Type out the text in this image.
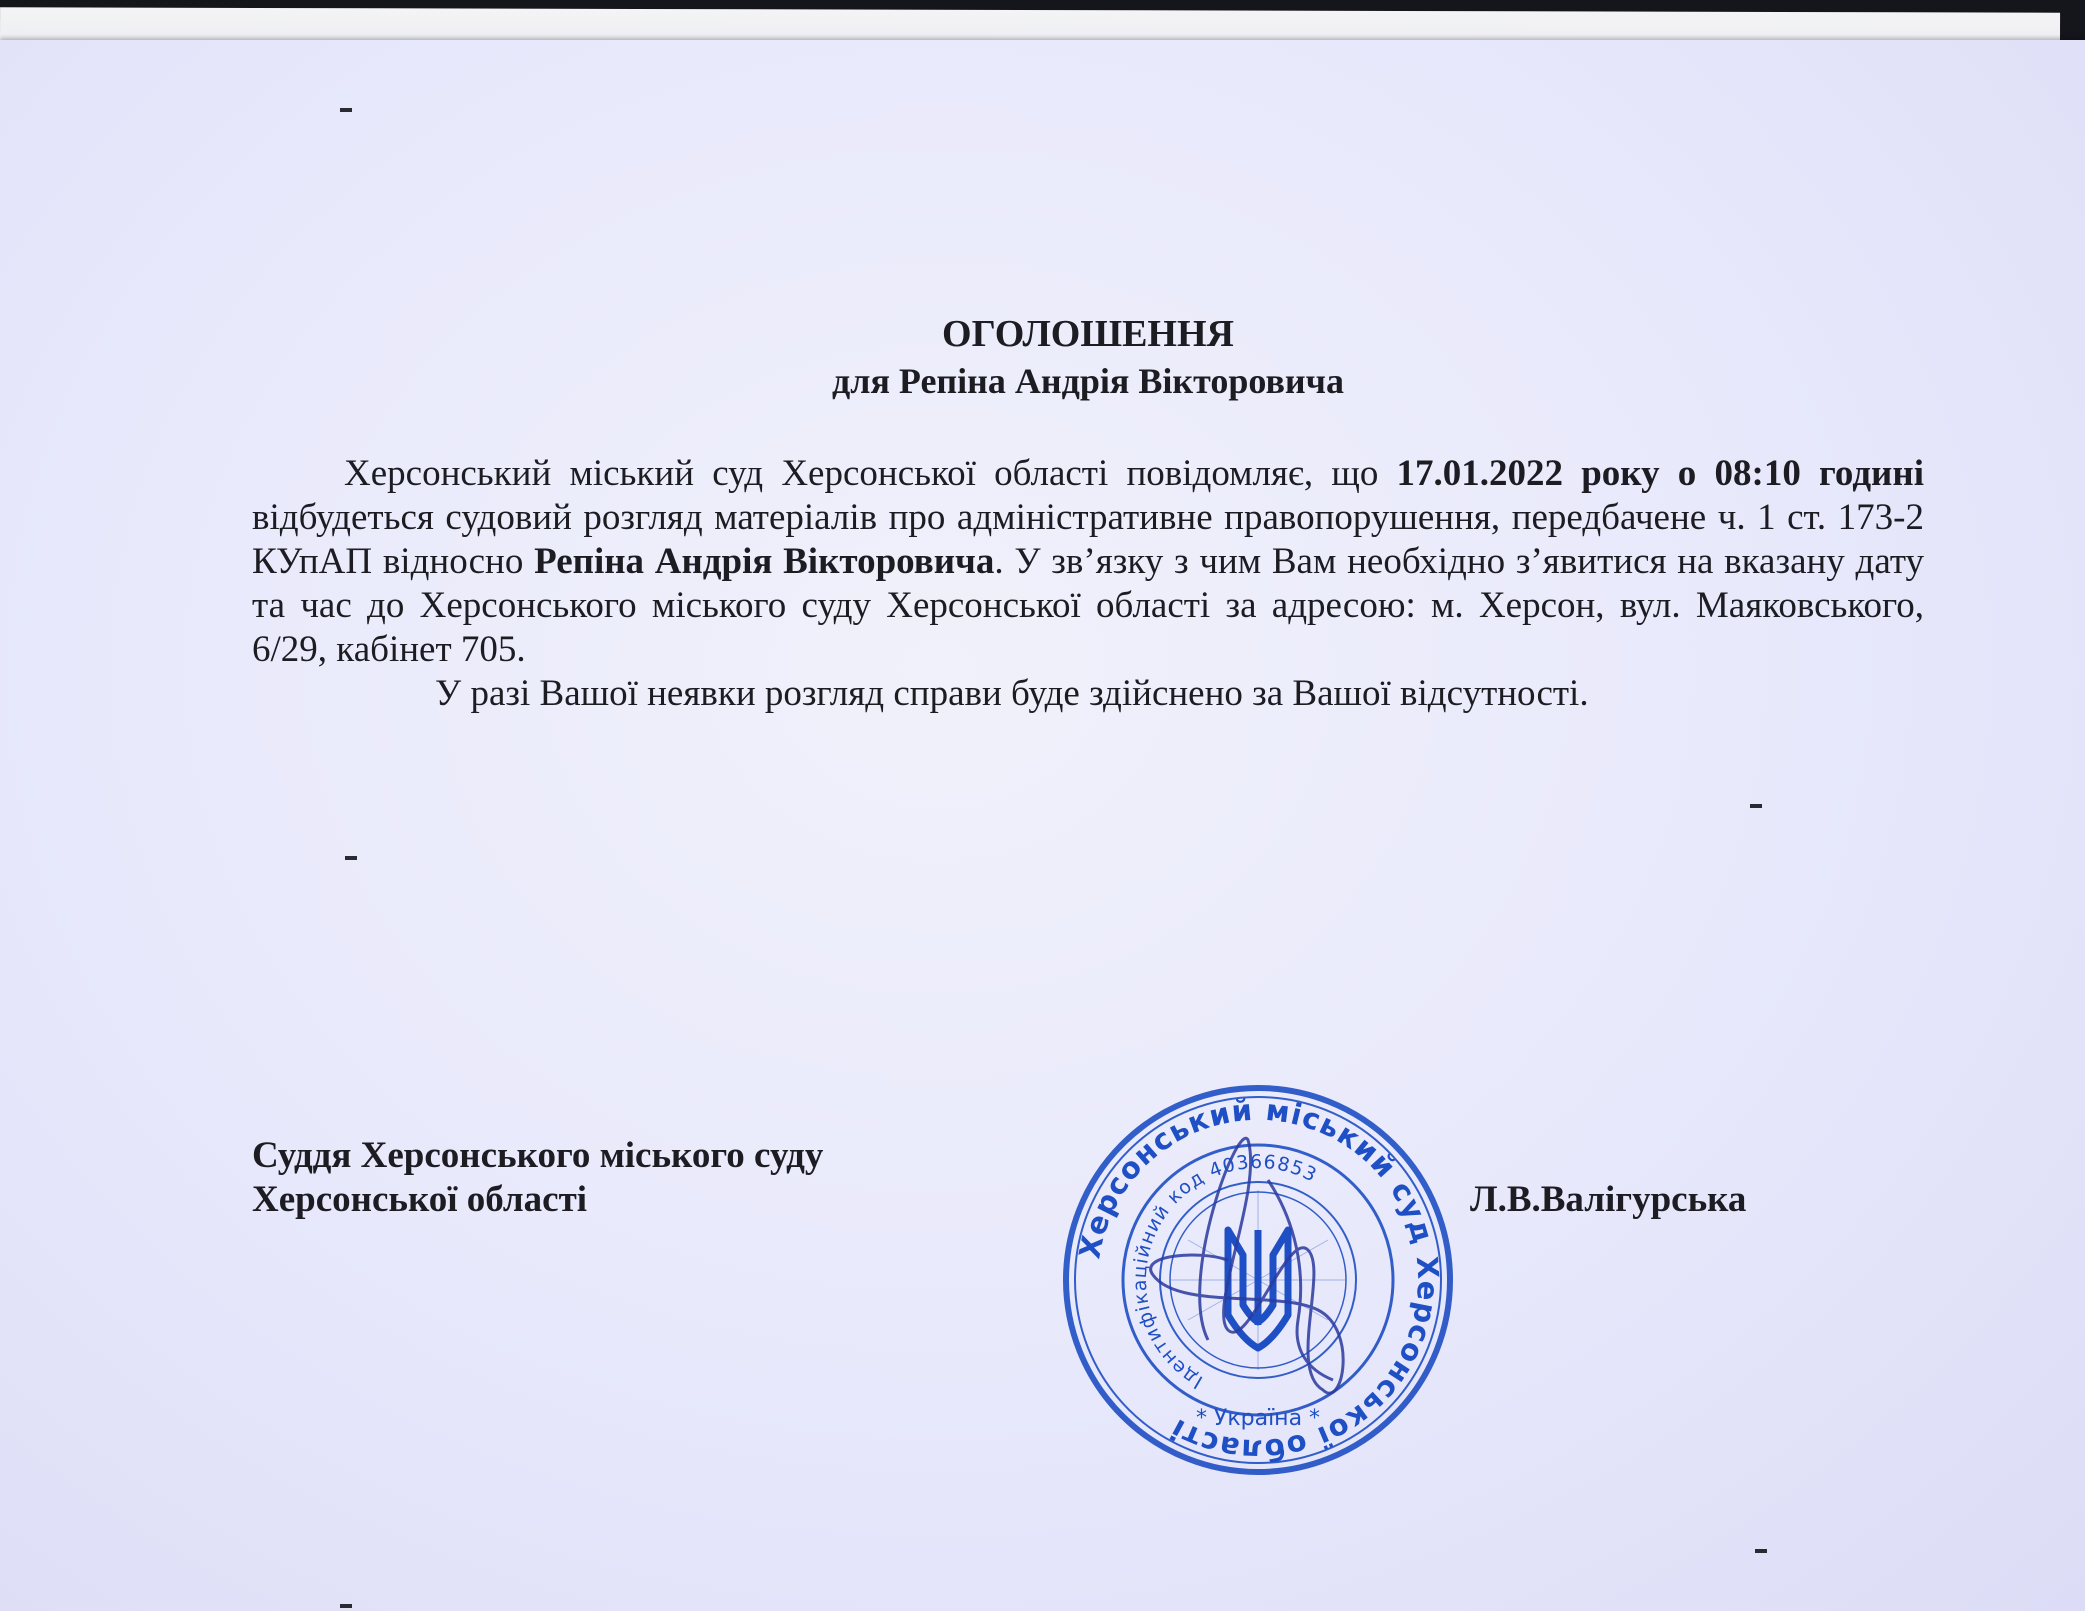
ОГОЛОШЕННЯ
для Репіна Андрія Вікторовича

Херсонський міський суд Херсонської області повідомляє, що 17.01.2022 року о 08:10 годині відбудеться судовий розгляд матеріалів про адміністративне правопорушення, передбачене ч. 1 ст. 173-2 КУпАП відносно Репіна Андрія Вікторовича. У зв’язку з чим Вам необхідно з’явитися на вказану дату та час до Херсонського міського суду Херсонської області за адресою: м. Херсон, вул. Маяковського, 6/29, кабінет 705.

У разі Вашої неявки розгляд справи буде здійснено за Вашої відсутності.

Суддя Херсонського міського суду
Херсонської області	Л.В.Валігурська
Херсонський міський суд Херсонської області
Ідентифікаційний код 40366853
* Україна *
